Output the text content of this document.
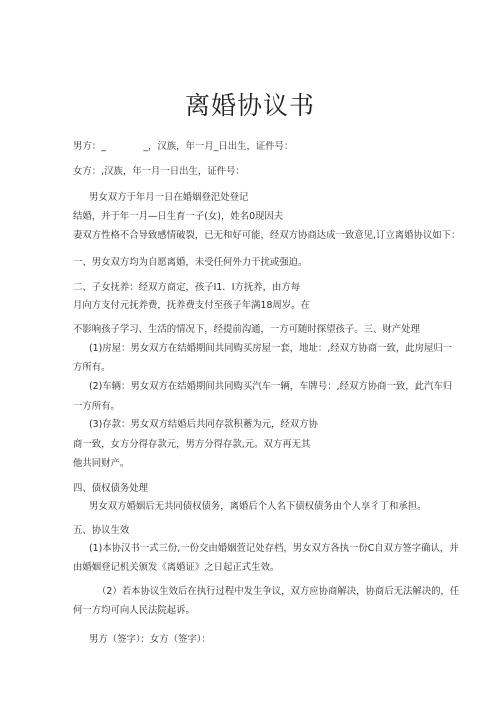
离婚协议书
男方：_　　　　_，汉族，年一月_日出生，证件号：
女方：,汉族，年一月一日出生，证件号：
男女双方于年月一日在婚姻登汜处登记
结婚，并于年一月—日生育一子(女)，姓名0现因夫
妻双方性格不合导致感情破裂，已无和好可能，经双方协商达成一致意见,订立离婚协议如下：
一、男女双方均为自愿离婚，未受任何外力干扰或强迫。
二、子女抚养：经双方商定，孩子I1．I方抚养，由方每
月向方支付元抚养费，抚养费支付至孩子年满18周岁。在
不影响孩子学习、生活的情况下，经提前沟通，一方可随时探望孩子。三、财产处理
(1)房屋：男女双方在结婚期间共同购买房屋一套，地址：,经双方协商一致，此房屋归一
方所有。
(2)车辆：男女双方在结婚期间共同购买汽车一辆，车牌号：,经双方协商一致，此汽车归
一方所有。
(3)存款：男女双方结婚后共同存款积蓄为元，经双方协
商一致，女方分得存款元，男方分得存款,元。双方再无其
他共同财产。
四、债权债务处理
男女双方婚姻后无共同债权债务，离婚后个人名下债权债务由个人享彳丁和承担。
五、协议生效
(1)本协汉书一式三份,一份交由婚姻萱记处存档，男女双方各执一份C自双方签字确认，并
由婚姻登记机关颁发《离婚证》之日起正式生效。
（2）若本协议生效后在执行过程中发生争议，双方应协商解决，协商后无法解决的，任
何一方均可向人民法院起诉。
男方（签字）：女方（签字）：
